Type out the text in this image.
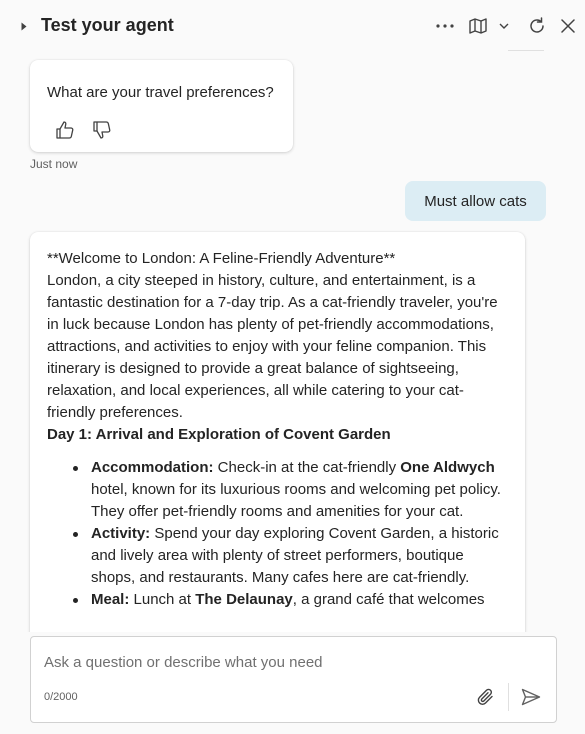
Test your agent
What are your travel preferences?
Just now
Must allow cats

**Welcome to London: A Feline-Friendly Adventure**

London, a city steeped in history, culture, and entertainment, is a fantastic destination for a 7-day trip. As a cat-friendly traveler, you're in luck because London has plenty of pet-friendly accommodations, attractions, and activities to enjoy with your feline companion. This itinerary is designed to provide a great balance of sightseeing, relaxation, and local experiences, all while catering to your cat-friendly preferences.

Day 1: Arrival and Exploration of Covent Garden

Accommodation: Check-in at the cat-friendly One Aldwych hotel, known for its luxurious rooms and welcoming pet policy. They offer pet-friendly rooms and amenities for your cat.
Activity: Spend your day exploring Covent Garden, a historic and lively area with plenty of street performers, boutique shops, and restaurants. Many cafes here are cat-friendly.
Meal: Lunch at The Delaunay, a grand café that welcomes
Ask a question or describe what you need
0/2000
